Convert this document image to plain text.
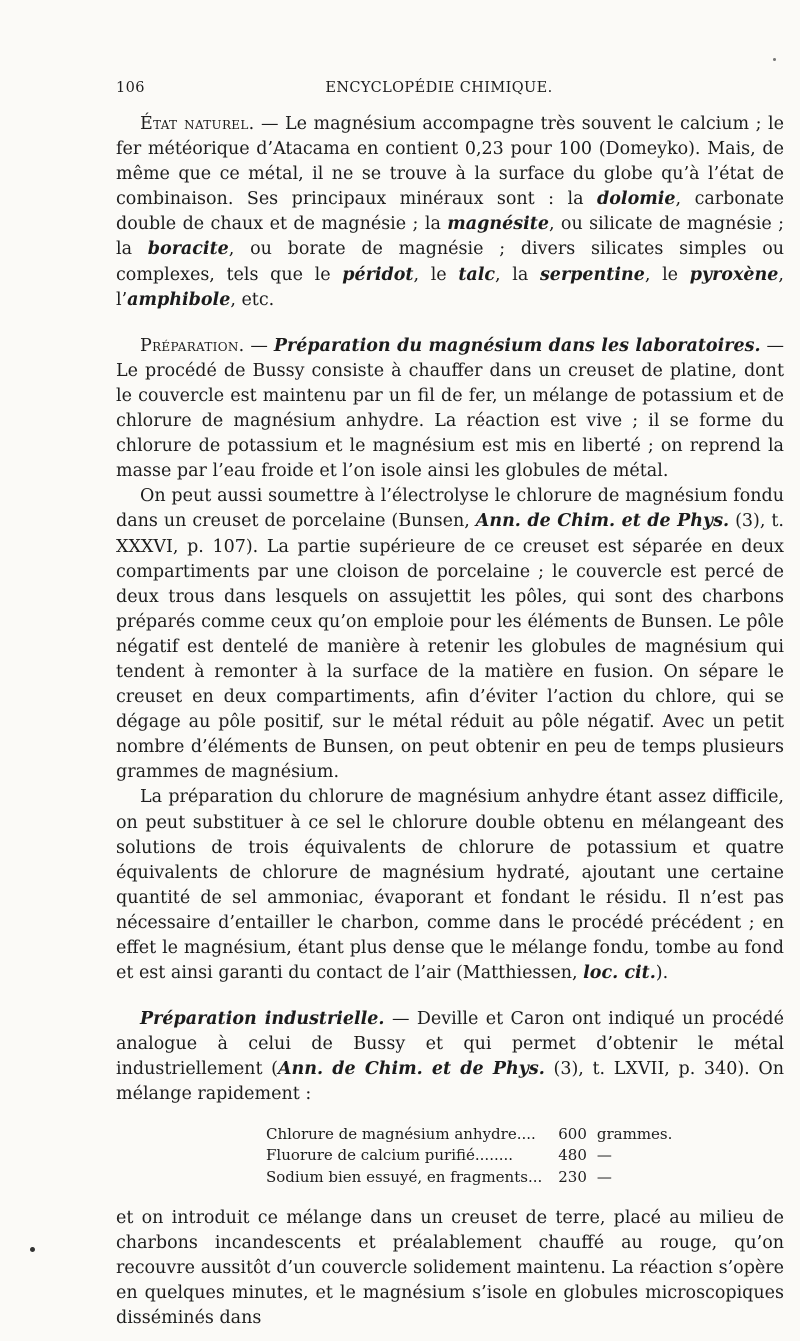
106	ENCYCLOPÉDIE CHIMIQUE.

État naturel. — Le magnésium accompagne très souvent le calcium ; le fer météorique d’Atacama en contient 0,23 pour 100 (Domeyko). Mais, de même que ce métal, il ne se trouve à la surface du globe qu’à l’état de combinaison. Ses principaux minéraux sont : la dolomie, carbonate double de chaux et de magnésie ; la magnésite, ou silicate de magnésie ; la boracite, ou borate de magnésie ; divers silicates simples ou complexes, tels que le péridot, le talc, la serpentine, le pyroxène, l’amphibole, etc.

Préparation. — Préparation du magnésium dans les laboratoires. — Le procédé de Bussy consiste à chauffer dans un creuset de platine, dont le couvercle est maintenu par un fil de fer, un mélange de potassium et de chlorure de magnésium anhydre. La réaction est vive ; il se forme du chlorure de potassium et le magnésium est mis en liberté ; on reprend la masse par l’eau froide et l’on isole ainsi les globules de métal.

On peut aussi soumettre à l’électrolyse le chlorure de magnésium fondu dans un creuset de porcelaine (Bunsen, Ann. de Chim. et de Phys. (3), t. XXXVI, p. 107). La partie supérieure de ce creuset est séparée en deux compartiments par une cloison de porcelaine ; le couvercle est percé de deux trous dans lesquels on assujettit les pôles, qui sont des charbons préparés comme ceux qu’on emploie pour les éléments de Bunsen. Le pôle négatif est dentelé de manière à retenir les globules de magnésium qui tendent à remonter à la surface de la matière en fusion. On sépare le creuset en deux compartiments, afin d’éviter l’action du chlore, qui se dégage au pôle positif, sur le métal réduit au pôle négatif. Avec un petit nombre d’éléments de Bunsen, on peut obtenir en peu de temps plusieurs grammes de magnésium.

La préparation du chlorure de magnésium anhydre étant assez difficile, on peut substituer à ce sel le chlorure double obtenu en mélangeant des solutions de trois équivalents de chlorure de potassium et quatre équivalents de chlorure de magnésium hydraté, ajoutant une certaine quantité de sel ammoniac, évaporant et fondant le résidu. Il n’est pas nécessaire d’entailler le charbon, comme dans le procédé précédent ; en effet le magnésium, étant plus dense que le mélange fondu, tombe au fond et est ainsi garanti du contact de l’air (Matthiessen, loc. cit.).

Préparation industrielle. — Deville et Caron ont indiqué un procédé analogue à celui de Bussy et qui permet d’obtenir le métal industriellement (Ann. de Chim. et de Phys. (3), t. LXVII, p. 340). On mélange rapidement :

Chlorure de magnésium anhydre....	600	grammes.
Fluorure de calcium purifié........	480	—
Sodium bien essuyé, en fragments...	230	—

et on introduit ce mélange dans un creuset de terre, placé au milieu de charbons incandescents et préalablement chauffé au rouge, qu’on recouvre aussitôt d’un couvercle solidement maintenu. La réaction s’opère en quelques minutes, et le magnésium s’isole en globules microscopiques disséminés dans
